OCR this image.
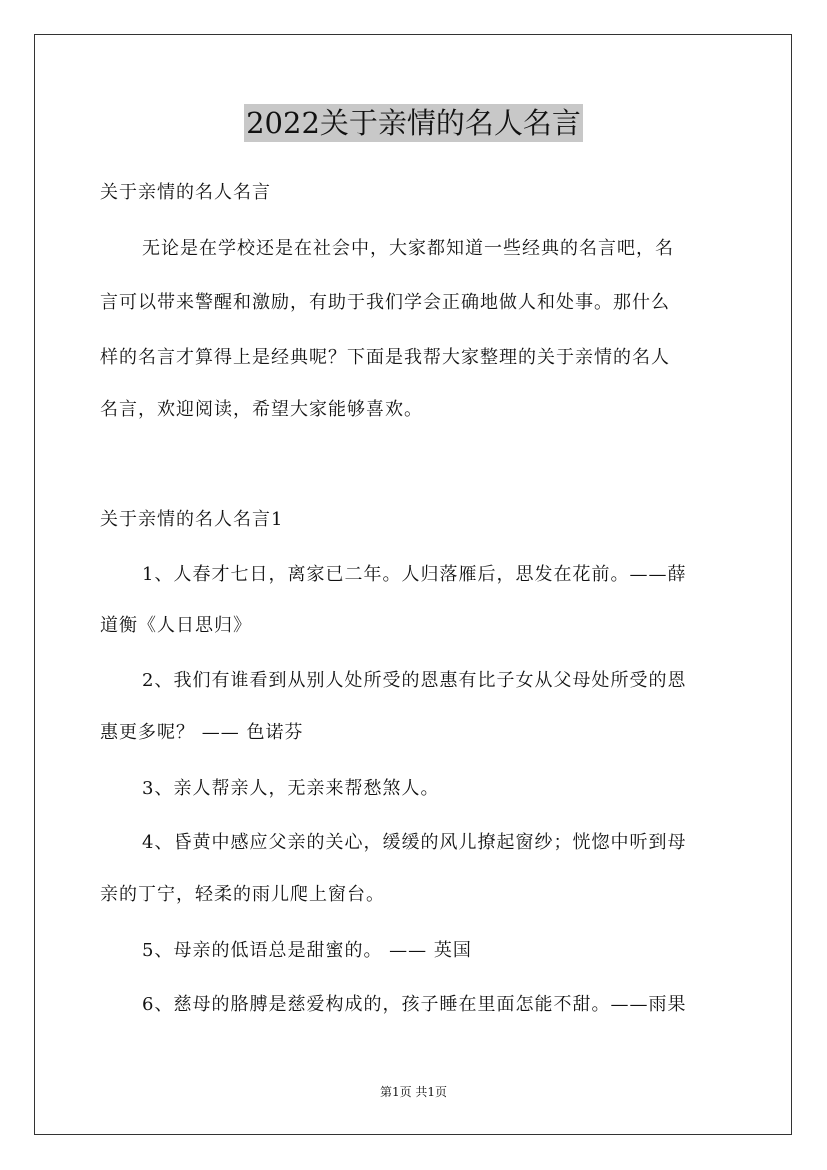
2022关于亲情的名人名言
关于亲情的名人名言
无论是在学校还是在社会中，大家都知道一些经典的名言吧，名
言可以带来警醒和激励，有助于我们学会正确地做人和处事。那什么
样的名言才算得上是经典呢？下面是我帮大家整理的关于亲情的名人
名言，欢迎阅读，希望大家能够喜欢。
关于亲情的名人名言1
1、人春才七日，离家已二年。人归落雁后，思发在花前。——薛
道衡《人日思归》
2、我们有谁看到从别人处所受的恩惠有比子女从父母处所受的恩
惠更多呢？ —— 色诺芬
3、亲人帮亲人，无亲来帮愁煞人。
4、昏黄中感应父亲的关心，缓缓的风儿撩起窗纱；恍惚中听到母
亲的丁宁，轻柔的雨儿爬上窗台。
5、母亲的低语总是甜蜜的。 —— 英国
6、慈母的胳膊是慈爱构成的，孩子睡在里面怎能不甜。——雨果
第1页 共1页
